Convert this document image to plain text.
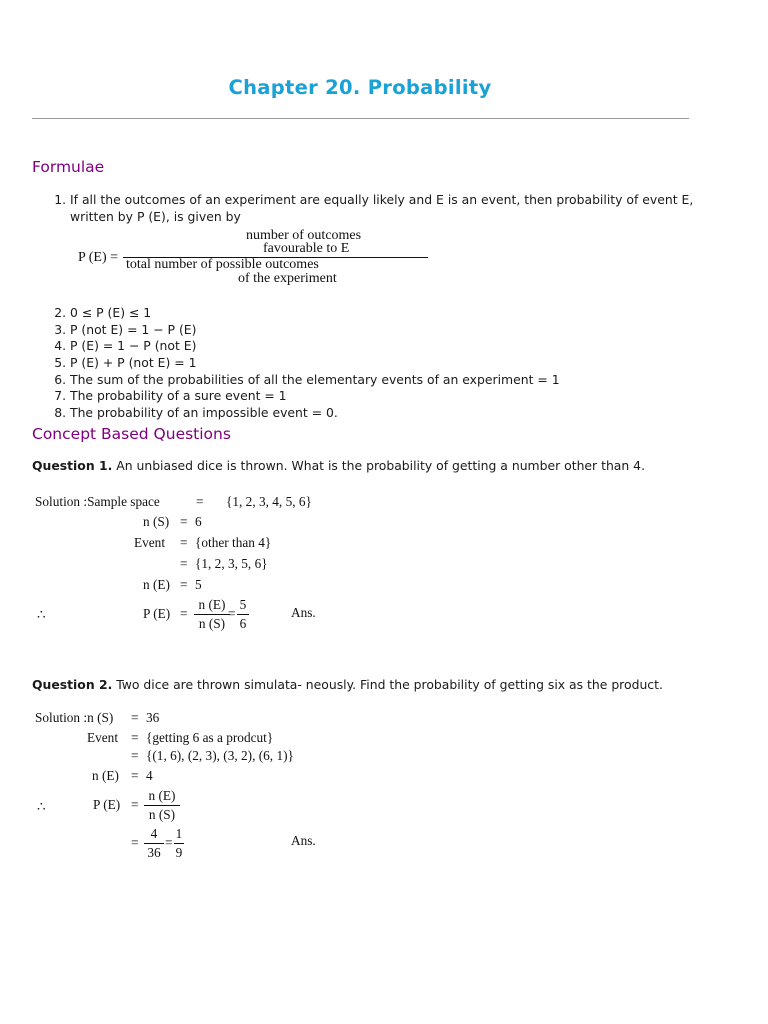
Chapter 20. Probability
Formulae
1. If all the outcomes of an experiment are equally likely and E is an event, then probability of event E, written by P (E), is given by
2. 0 ≤ P (E) ≤ 1
3. P (not E) = 1 − P (E)
4. P (E) = 1 − P (not E)
5. P (E) + P (not E) = 1
6. The sum of the probabilities of all the elementary events of an experiment = 1
7. The probability of a sure event = 1
8. The probability of an impossible event = 0.
P (E) =
number of outcomes
favourable to E
total number of possible outcomes
of the experiment
Concept Based Questions
Question 1. An unbiased dice is thrown. What is the probability of getting a number other than 4.
Solution :Sample space	= {1, 2, 3, 4, 5, 6}
n (S) = 6
Event = {other than 4}
= {1, 2, 3, 5, 6}
n (E) = 5
∴	P (E) =
n (E)
n (S)
=
5
6
Ans.
Question 2. Two dice are thrown simulata- neously. Find the probability of getting six as the product.
Solution :n (S) = 36
Event = {getting 6 as a prodcut}
= {(1, 6), (2, 3), (3, 2), (6, 1)}
n (E) = 4
∴	P (E) =
n (E)
n (S)
=
4
36
=
1
9
Ans.
